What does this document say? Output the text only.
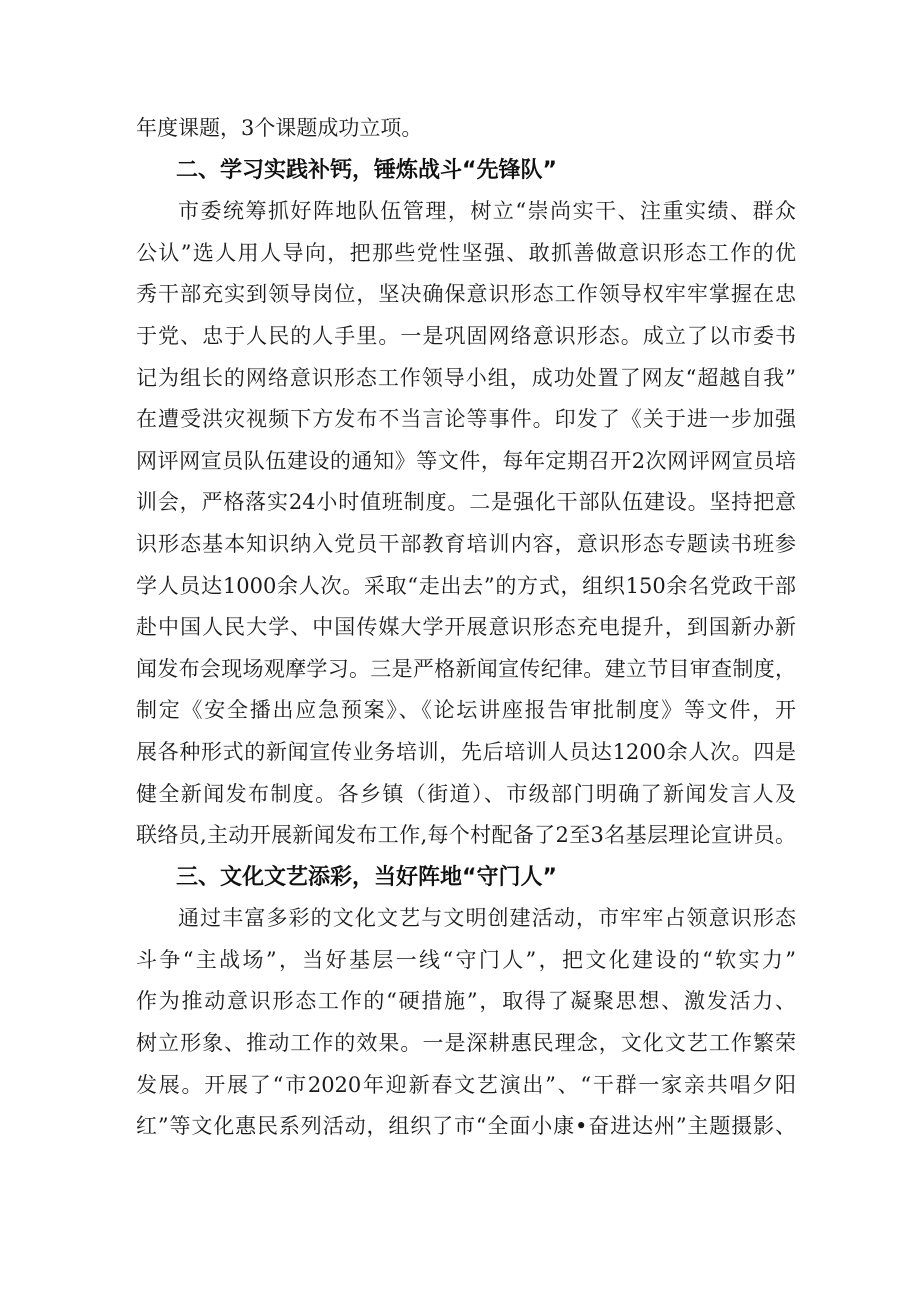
年度课题，3个课题成功立项。
二、学习实践补钙，锤炼战斗“先锋队”
市委统筹抓好阵地队伍管理，树立“崇尚实干、注重实绩、群众
公认”选人用人导向，把那些党性坚强、敢抓善做意识形态工作的优
秀干部充实到领导岗位，坚决确保意识形态工作领导权牢牢掌握在忠
于党、忠于人民的人手里。一是巩固网络意识形态。成立了以市委书
记为组长的网络意识形态工作领导小组，成功处置了网友“超越自我”
在遭受洪灾视频下方发布不当言论等事件。印发了《关于进一步加强
网评网宣员队伍建设的通知》等文件，每年定期召开2次网评网宣员培
训会，严格落实24小时值班制度。二是强化干部队伍建设。坚持把意
识形态基本知识纳入党员干部教育培训内容，意识形态专题读书班参
学人员达1000余人次。采取“走出去”的方式，组织150余名党政干部
赴中国人民大学、中国传媒大学开展意识形态充电提升，到国新办新
闻发布会现场观摩学习。三是严格新闻宣传纪律。建立节目审查制度，
制定《安全播出应急预案》、《论坛讲座报告审批制度》等文件，开
展各种形式的新闻宣传业务培训，先后培训人员达1200余人次。四是
健全新闻发布制度。各乡镇（街道）、市级部门明确了新闻发言人及
联络员,主动开展新闻发布工作,每个村配备了2至3名基层理论宣讲员。
三、文化文艺添彩，当好阵地“守门人”
通过丰富多彩的文化文艺与文明创建活动，市牢牢占领意识形态
斗争“主战场”，当好基层一线“守门人”，把文化建设的“软实力”
作为推动意识形态工作的“硬措施”，取得了凝聚思想、激发活力、
树立形象、推动工作的效果。一是深耕惠民理念，文化文艺工作繁荣
发展。开展了“市2020年迎新春文艺演出”、“干群一家亲共唱夕阳
红”等文化惠民系列活动，组织了市“全面小康•奋进达州”主题摄影、
